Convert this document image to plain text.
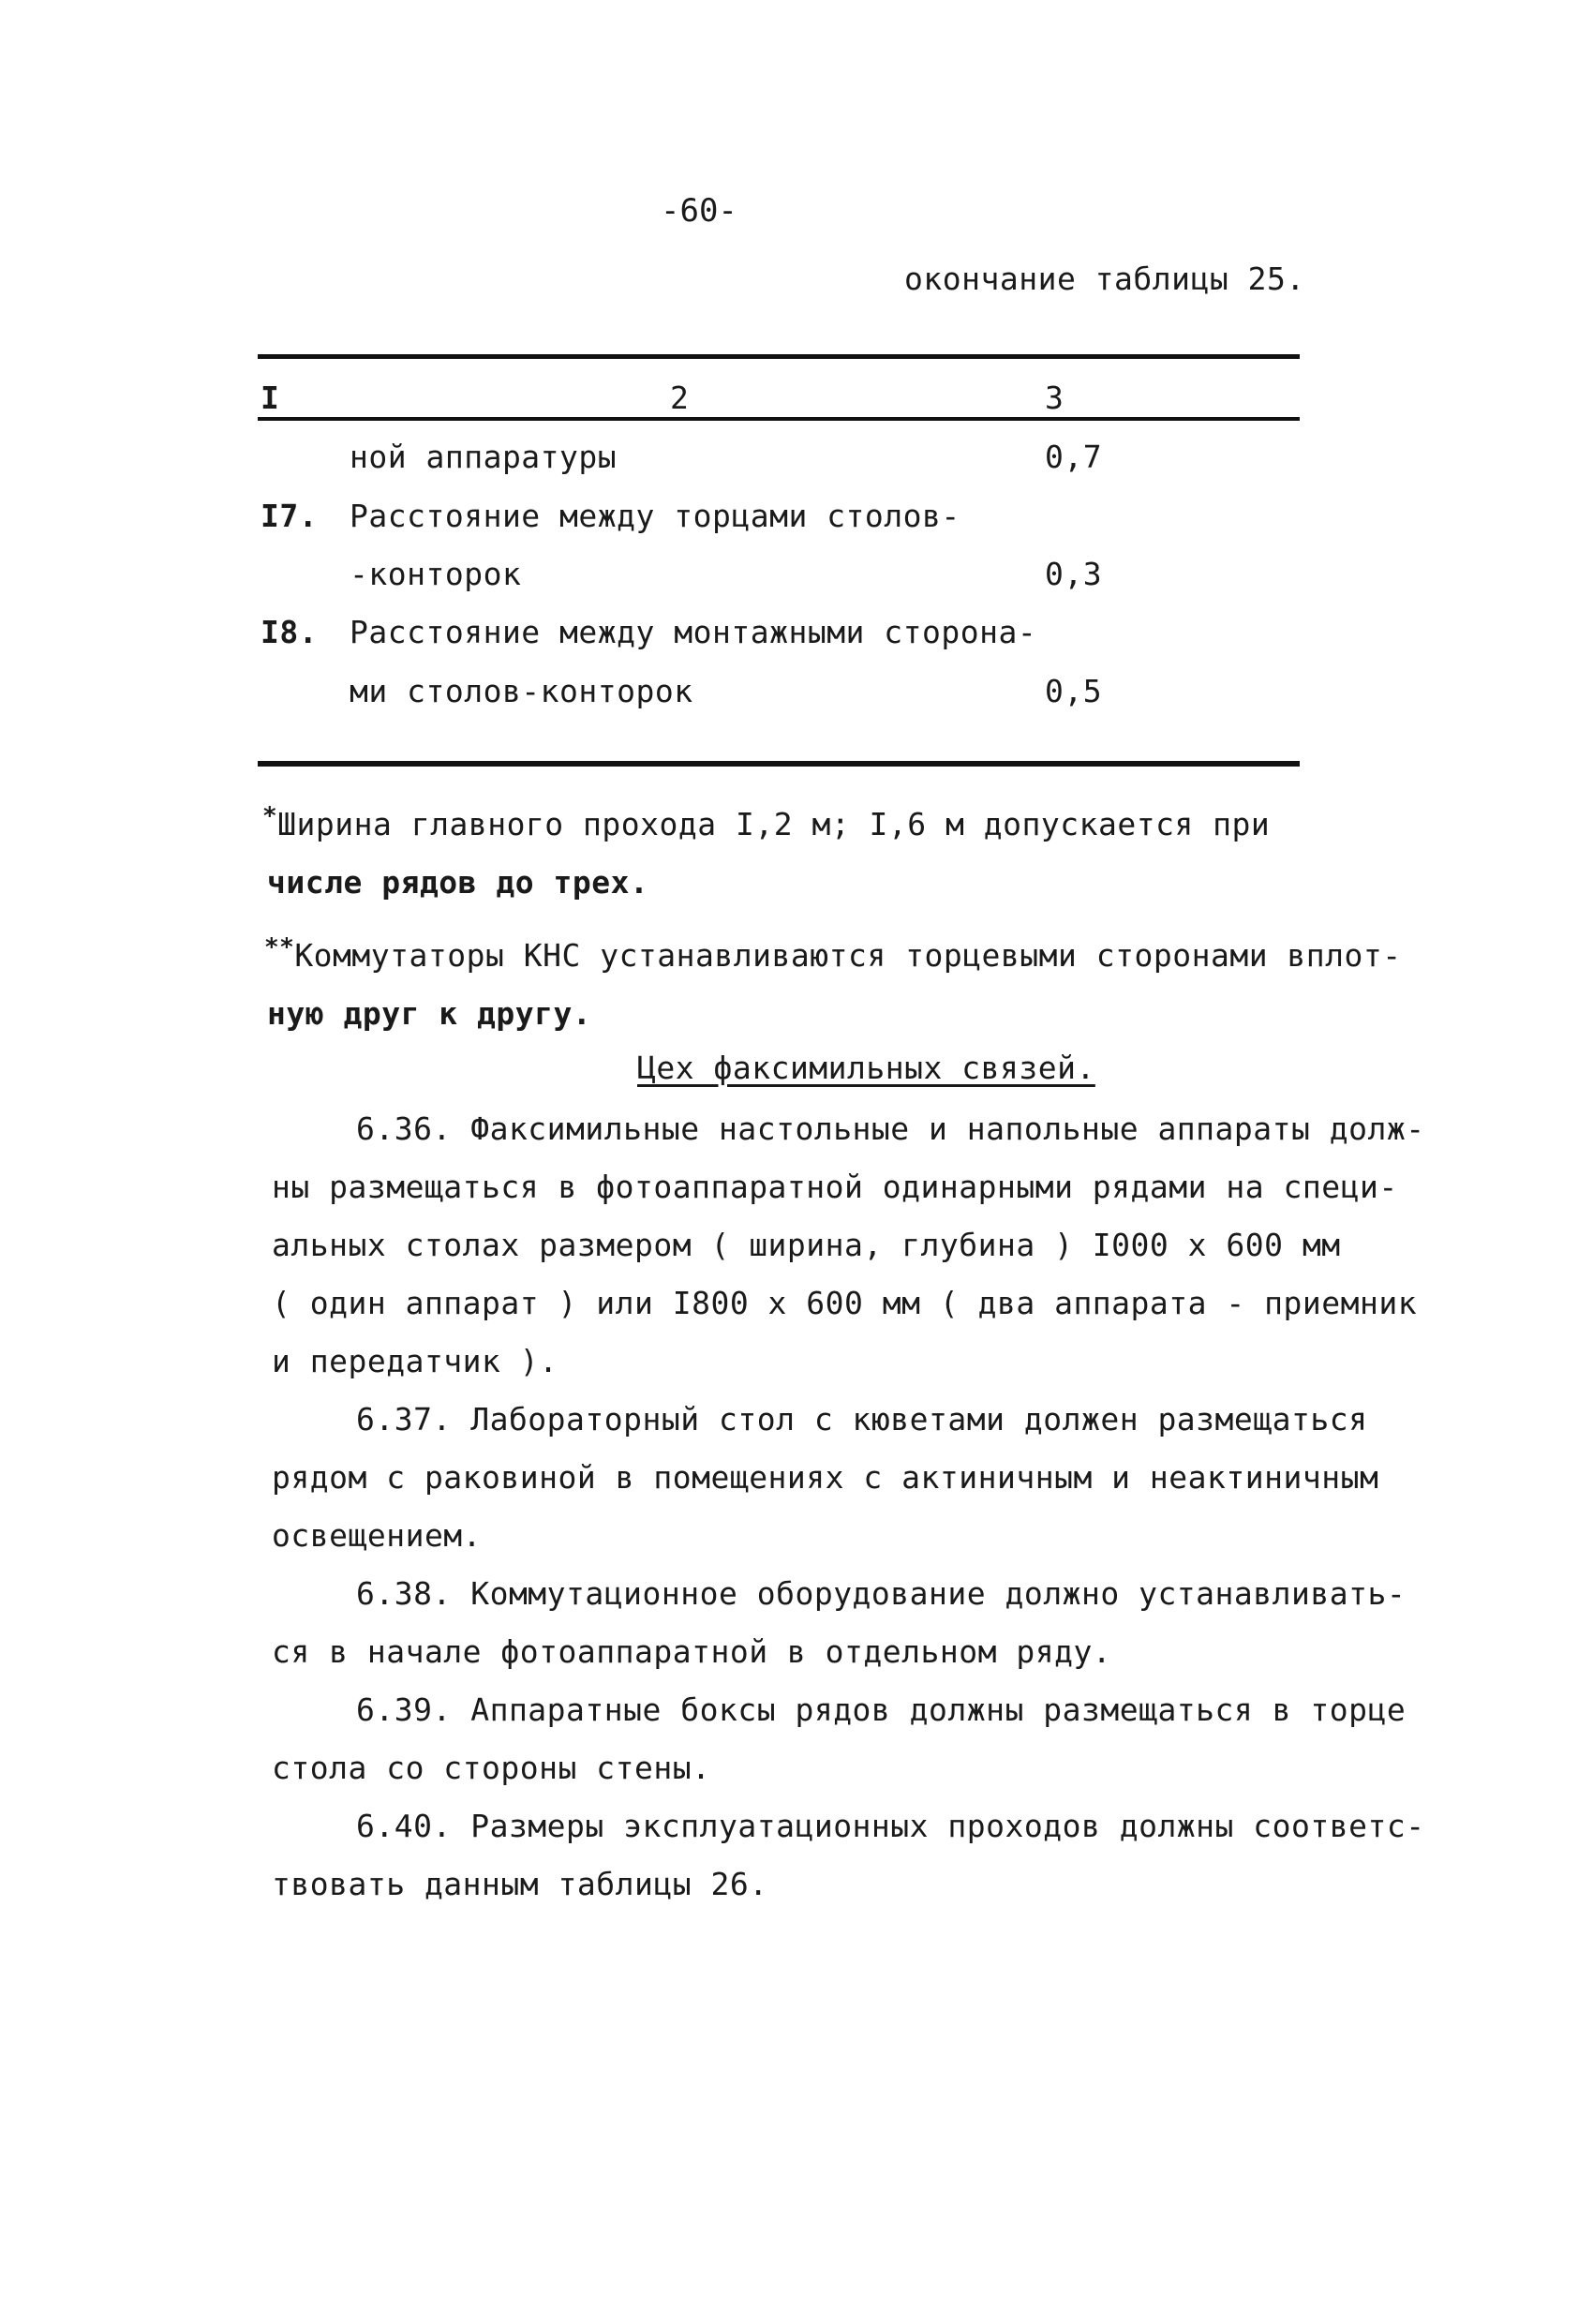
-60-
окончание таблицы 25.
I	2	3
ной аппаратуры	0,7
I7. Расстояние между торцами столов-
-конторок	0,3
I8. Расстояние между монтажными сторона-
ми столов-конторок	0,5
*Ширина главного прохода I,2 м; I,6 м допускается при
числе рядов до трех.
**Коммутаторы КНС устанавливаются торцевыми сторонами вплот-
ную друг к другу.
Цех факсимильных связей.
6.36. Факсимильные настольные и напольные аппараты долж-
ны размещаться в фотоаппаратной одинарными рядами на специ-
альных столах размером ( ширина, глубина ) I000 х 600 мм
( один аппарат ) или I800 х 600 мм ( два аппарата - приемник
и передатчик ).
6.37. Лабораторный стол с кюветами должен размещаться
рядом с раковиной в помещениях с актиничным и неактиничным
освещением.
6.38. Коммутационное оборудование должно устанавливать-
ся в начале фотоаппаратной в отдельном ряду.
6.39. Аппаратные боксы рядов должны размещаться в торце
стола со стороны стены.
6.40. Размеры эксплуатационных проходов должны соответс-
твовать данным таблицы 26.
